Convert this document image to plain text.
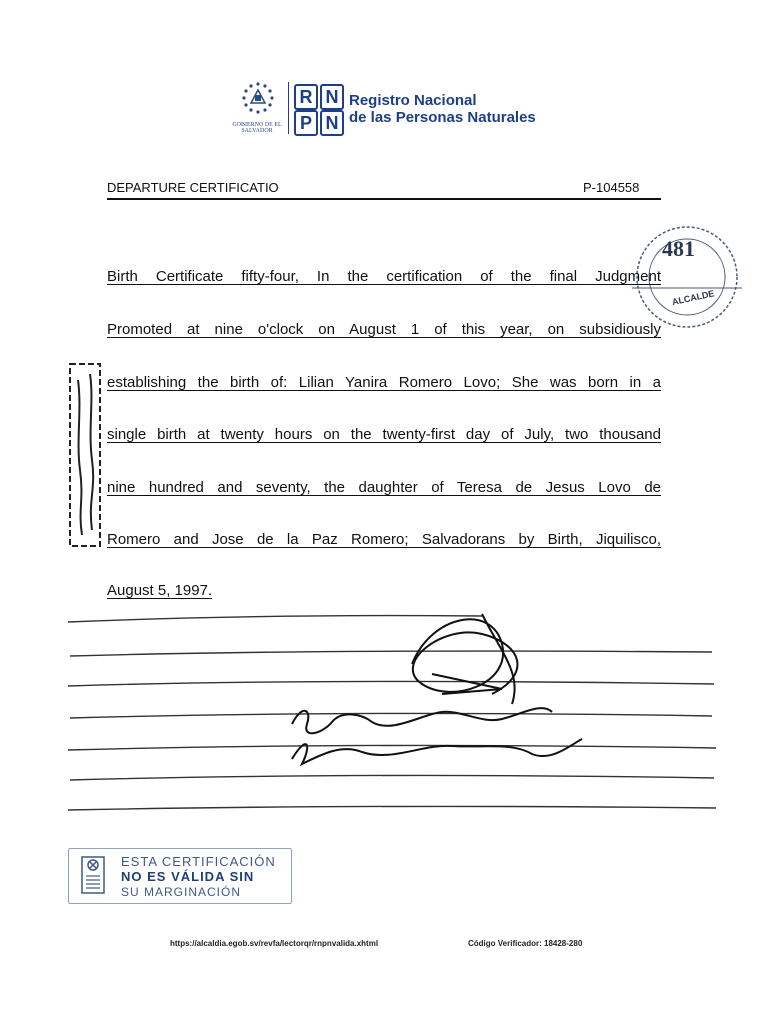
GOBIERNO DE EL SALVADOR
R N
P N
Registro Nacional
de las Personas Naturales
DEPARTURE CERTIFICATIO	P-104558
481
ALCALDE
Birth Certificate fifty-four, In the certification of the final Judgment
Promoted at nine o'clock on August 1 of this year, on subsidiously
establishing the birth of: Lilian Yanira Romero Lovo; She was born in a
single birth at twenty hours on the twenty-first day of July, two thousand
nine hundred and seventy, the daughter of Teresa de Jesus Lovo de
Romero and Jose de la Paz Romero; Salvadorans by Birth, Jiquilisco,
August 5, 1997.
ESTA CERTIFICACIÓN
NO ES VÁLIDA SIN
SU MARGINACIÓN
https://alcaldia.egob.sv/revfa/lectorqr/rnpnvalida.xhtml	Código Verificador: 18428-280
